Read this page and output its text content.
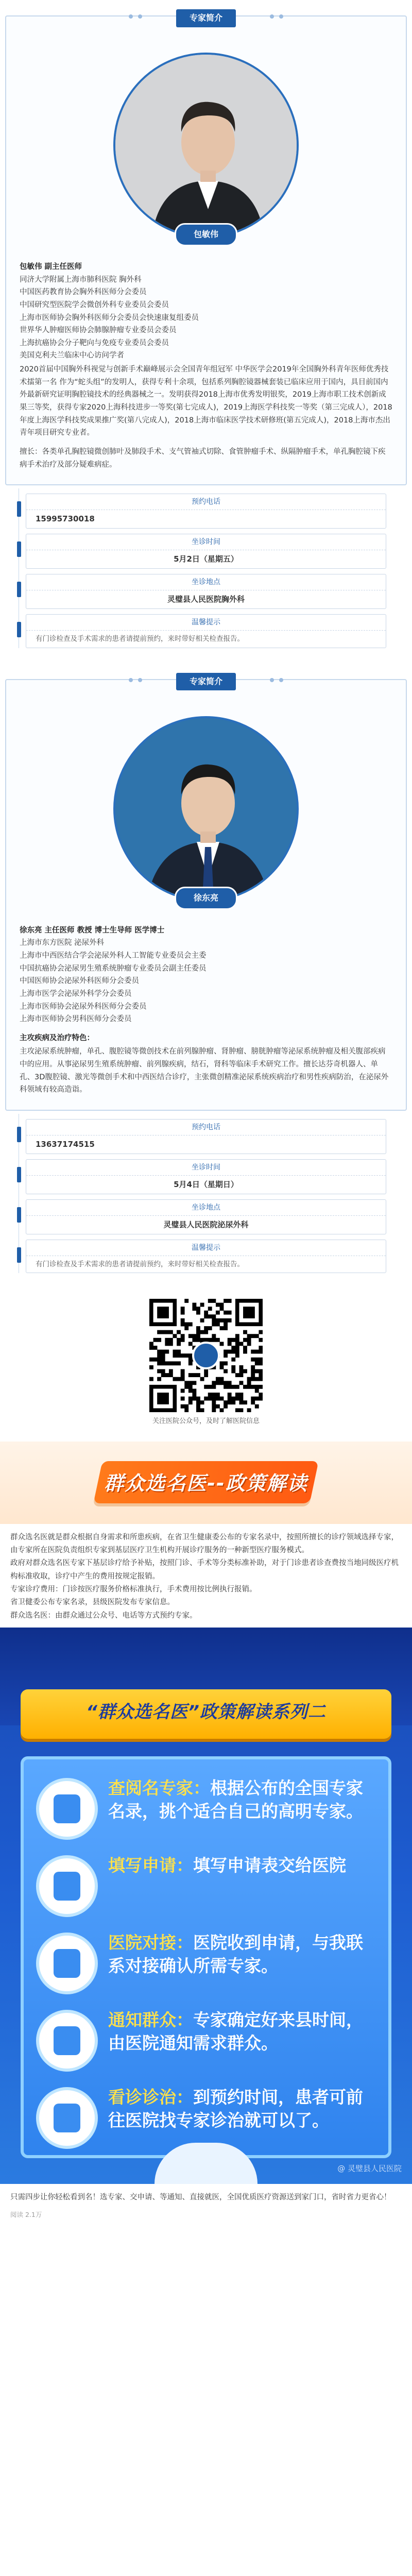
专家简介
包敏伟
包敏伟 副主任医师
同济大学附属上海市肺科医院 胸外科
中国医药教育协会胸外科医师分会委员
中国研究型医院学会微创外科专业委员会委员
上海市医师协会胸外科医师分会委员会快速康复组委员
世界华人肿瘤医师协会肺腺肿瘤专业委员会委员
上海抗癌协会分子靶向与免疫专业委员会委员
美国克利夫兰临床中心访问学者
2020首届中国胸外科视觉与创新手术巅峰展示会全国青年组冠军 中华医学会2019年全国胸外科青年医师优秀技术擂第一名 作为“蛇头组”的发明人，获得专利十余项，包括系列胸腔镜器械套装已临床应用于国内，具目前国内外最新研究证明胸腔镜技术的经典器械之一。发明获得2018上海市优秀发明银奖，2019上海市职工技术创新成果三等奖，获得专家2020上海科技进步一等奖(第七完成人)，2019上海医学科技奖一等奖（第三完成人），2018年度上海医学科技奖成果推广奖(第八完成人)，2018上海市临床医学技术研修班(第五完成人)，2018上海市杰出青年项目研究专业者。
擅长：各类单孔胸腔镜微创肺叶及肺段手术、支气管袖式切除、食管肿瘤手术、纵隔肿瘤手术，单孔胸腔镜下疾病手术治疗及部分疑难病症。
预约电话
15995730018
坐诊时间
5月2日（星期五）
坐诊地点
灵璧县人民医院胸外科
温馨提示
有门诊检查及手术需求的患者请提前预约，来时带好相关检查报告。
专家简介
徐东亮
徐东亮 主任医师 教授 博士生导师 医学博士
上海市东方医院 泌尿外科
上海市中西医结合学会泌尿外科人工智能专业委员会主委
中国抗癌协会泌尿男生殖系统肿瘤专业委员会副主任委员
中国医师协会泌尿外科医师分会委员
上海市医学会泌尿外科学分会委员
上海市医师协会泌尿外科医师分会委员
上海市医师协会男科医师分会委员
主攻疾病及治疗特色：
主攻泌尿系统肿瘤，单孔、腹腔镜等微创技术在前列腺肿瘤、肾肿瘤、膀胱肿瘤等泌尿系统肿瘤及相关腹部疾病中的应用。从事泌尿男生殖系统肿瘤、前列腺疾病，结石，肾科等临床手术研究工作。擅长达芬奇机器人、单孔、3D腹腔镜、激光等微创手术和中西医结合诊疗，主张微创精准泌尿系统疾病治疗和男性疾病防治，在泌尿外科领域有较高造诣。
预约电话
13637174515
坐诊时间
5月4日（星期日）
坐诊地点
灵璧县人民医院泌尿外科
温馨提示
有门诊检查及手术需求的患者请提前预约，来时带好相关检查报告。
关注医院公众号，及时了解医院信息
群众选名医--政策解读
群众选名医就是群众根据自身需求和所患疾病，在省卫生健康委公布的专家名录中，按照所擅长的诊疗领域选择专家，由专家所在医院负责组织专家到基层医疗卫生机构开展诊疗服务的一种新型医疗服务模式。
政府对群众选名医专家下基层诊疗给予补贴，按照门诊、手术等分类标准补助，对于门诊患者诊查费按当地同级医疗机构标准收取，诊疗中产生的费用按规定报销。
专家诊疗费用：门诊按医疗服务价格标准执行，手术费用按比例执行报销。
省卫健委公布专家名录，县级医院发布专家信息。
群众选名医：由群众通过公众号、电话等方式预约专家。
“群众选名医”政策解读系列二
查阅名专家：根据公布的全国专家名录，挑个适合自己的高明专家。
填写申请：填写申请表交给医院
医院对接：医院收到申请，与我联系对接确认所需专家。
通知群众：专家确定好来县时间，由医院通知需求群众。
看诊诊治：到预约时间，患者可前往医院找专家诊治就可以了。
@ 灵璧县人民医院
只需四步让你轻松看到名！选专家、交申请、等通知、直接就医，全国优质医疗资源送到家门口，省时省力更省心！
阅读 2.1万
